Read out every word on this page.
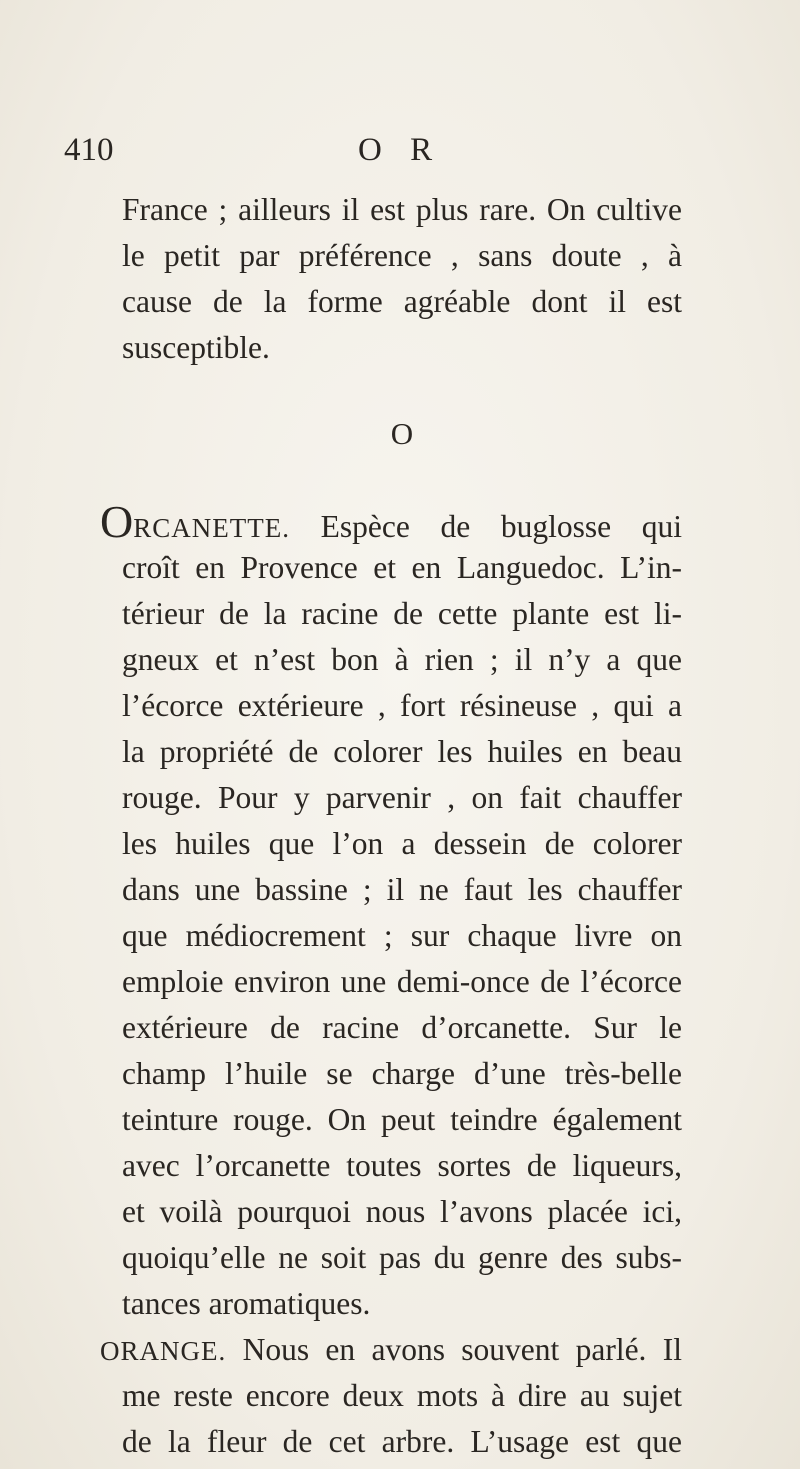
410	O R
France ; ailleurs il est plus rare. On cultive
le petit par préférence , sans doute , à
cause de la forme agréable dont il est
susceptible.
O
ORCANETTE. Espèce de buglosse qui
croît en Provence et en Languedoc. L’in-
térieur de la racine de cette plante est li-
gneux et n’est bon à rien ; il n’y a que
l’écorce extérieure , fort résineuse , qui a
la propriété de colorer les huiles en beau
rouge. Pour y parvenir , on fait chauffer
les huiles que l’on a dessein de colorer
dans une bassine ; il ne faut les chauffer
que médiocrement ; sur chaque livre on
emploie environ une demi-once de l’écorce
extérieure de racine d’orcanette. Sur le
champ l’huile se charge d’une très-belle
teinture rouge. On peut teindre également
avec l’orcanette toutes sortes de liqueurs,
et voilà pourquoi nous l’avons placée ici,
quoiqu’elle ne soit pas du genre des subs-
tances aromatiques.
ORANGE. Nous en avons souvent parlé. Il
me reste encore deux mots à dire au sujet
de la fleur de cet arbre. L’usage est que
